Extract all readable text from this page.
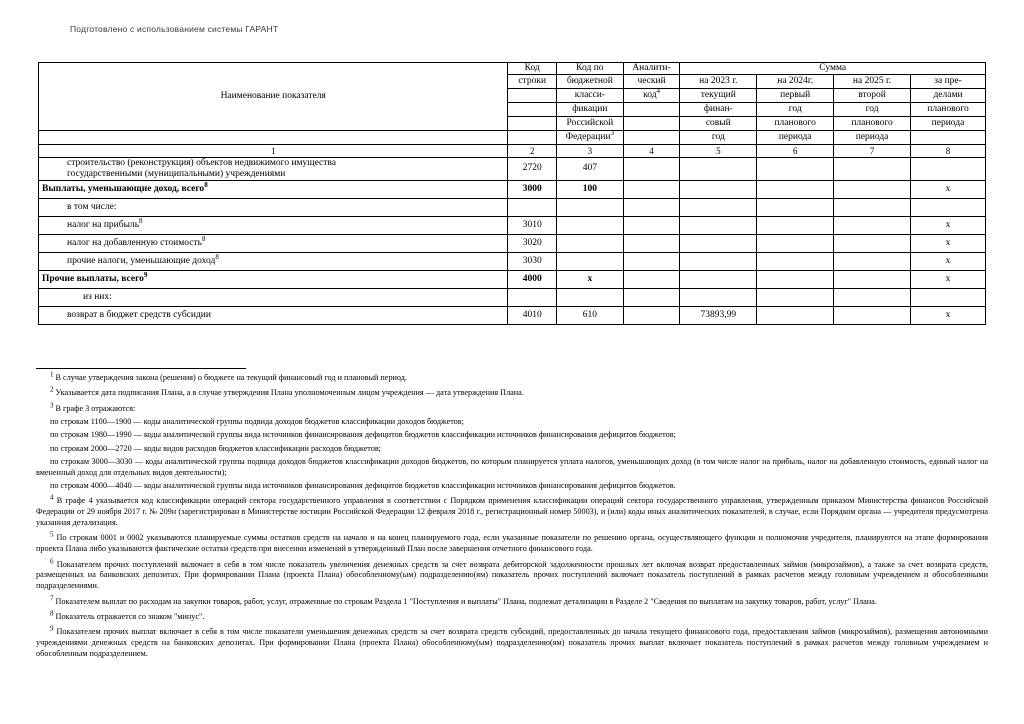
Подготовлено с использованием системы ГАРАНТ
Наименование показателя	Код	Код по	Аналити-	Сумма			
	строки	бюджетной	ческий	на 2023 г.	на 2024г.	на 2025 г.	за пре-
		класси-	код$^4$	текущий	первый	второй	делами
		фикации		финан-	год	год	планового
		Российской		совый	планового	планового	периода
		Федерации$^3$		год	периода	периода	
1	2	3	4	5	6	7	8

строительство (реконструкция) объектов недвижимого имущества
государственными (муниципальными) учреждениями	2720	407					
Выплаты, уменьшающие доход, всего$^8$	3000	100					х
в том числе:							
налог на прибыль$^8$	3010						х
налог на добавленную стоимость$^8$	3020						х
прочие налоги, уменьшающие доход$^8$	3030						х
Прочие выплаты, всего$^9$	4000	х					х
из них:							
возврат в бюджет средств субсидии	4010	610		73893,99			х

1 В случае утверждения закона (решения) о бюджете на текущий финансовый год и плановый период.

2 Указывается дата подписания Плана, а в случае утверждения Плана уполномоченным лицом учреждения — дата утверждения Плана.

3 В графе 3 отражаются:

по строкам 1100—1900 — коды аналитической группы подвида доходов бюджетов классификации доходов бюджетов;

по строкам 1980—1990 — коды аналитической группы вида источников финансирования дефицитов бюджетов классификации источников финансирования дефицитов бюджетов;

по строкам 2000—2720 — коды видов расходов бюджетов классификации расходов бюджетов;

по строкам 3000—3030 — коды аналитической группы подвида доходов бюджетов классификации доходов бюджетов, по которым планируется уплата налогов, уменьшающих доход (в том числе налог на прибыль, налог на добавленную стоимость, единый налог на вмененный доход для отдельных видов деятельности);

по строкам 4000—4040 — коды аналитической группы вида источников финансирования дефицитов бюджетов классификации источников финансирования дефицитов бюджетов.

4 В графе 4 указывается код классификации операций сектора государственного управления в соответствии с Порядком применения классификации операций сектора государственного управления, утвержденным приказом Министерства финансов Российской Федерации от 29 ноября 2017 г. № 209н (зарегистрирован в Министерстве юстиции Российской Федерации 12 февраля 2018 г., регистрационный номер 50003), и (или) коды иных аналитических показателей, в случае, если Порядком органа — учредителя предусмотрена указанная детализация.

5 По строкам 0001 и 0002 указываются планируемые суммы остатков средств на начало и на конец планируемого года, если указанные показатели по решению органа, осуществляющего функции и полномочия учредителя, планируются на этапе формирования проекта Плана либо указываются фактические остатки средств при внесении изменений в утвержденный План после завершения отчетного финансового года.

6 Показателем прочих поступлений включает в себя в том числе показатель увеличения денежных средств за счет возврата дебиторской задолженности прошлых лет включая возврат предоставленных займов (микрозаймов), а также за счет возврата средств, размещенных на банковских депозитах. При формировании Плана (проекта Плана) обособленному(ым) подразделению(ям) показатель прочих поступлений включает показатель поступлений в рамках расчетов между головным учреждением и обособленными подразделениями.

7 Показателем выплат по расходам на закупки товаров, работ, услуг, отраженные по строкам Раздела 1 "Поступления и выплаты" Плана, подлежат детализации в Разделе 2 "Сведения по выплатам на закупку товаров, работ, услуг" Плана.

8 Показатель отражается со знаком "минус".

9 Показателем прочих выплат включает в себя в том числе показатели уменьшения денежных средств за счет возврата средств субсидий, предоставленных до начала текущего финансового года, предоставления займов (микрозаймов), размещения автономными учреждениями денежных средств на банковских депозитах. При формировании Плана (проекта Плана) обособленному(ым) подразделению(ям) показатель прочих выплат включает показатель поступлений в рамках расчетов между головным учреждением и обособленным подразделением.
